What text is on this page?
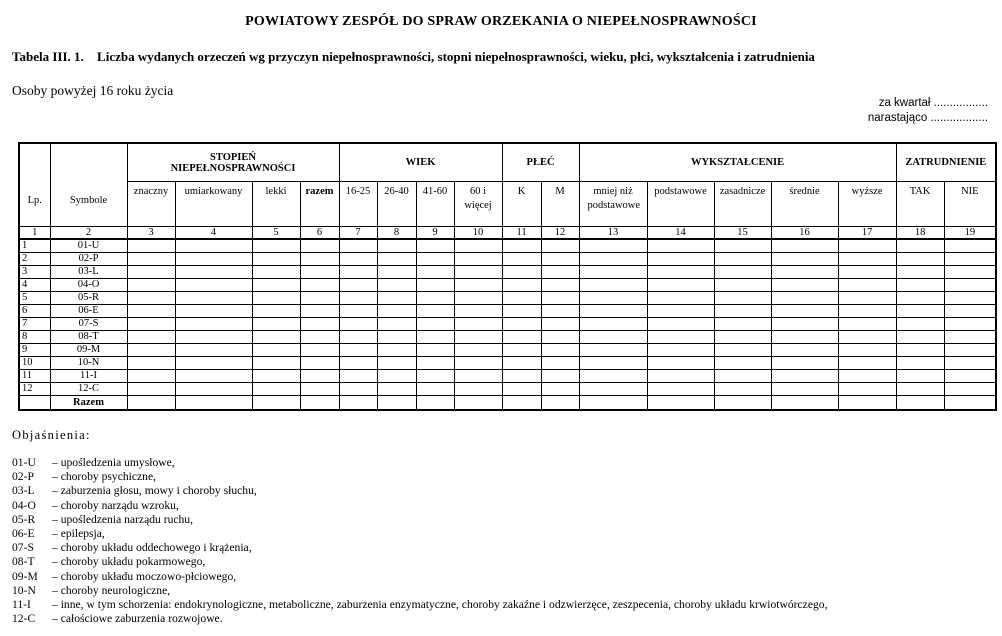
POWIATOWY ZESPÓŁ DO SPRAW ORZEKANIA O NIEPEŁNOSPRAWNOŚCI
Tabela III. 1. Liczba wydanych orzeczeń wg przyczyn niepełnosprawności, stopni niepełnosprawności, wieku, płci, wykształcenia i zatrudnienia
Osoby powyżej 16 roku życia
za kwartał .................
narastająco ..................
Lp.	Symbole	STOPIEŃ NIEPEŁNOSPRAWNOŚCI				WIEK				PŁEĆ		WYKSZTAŁCENIE					ZATRUDNIENIE	
		znaczny	umiarkowany	lekki	razem	16-25	26-40	41-60	60 i więcej	K	M	mniej niż podstawowe	podstawowe	zasadnicze	średnie	wyższe	TAK	NIE
1	2	3	4	5	6	7	8	9	10	11	12	13	14	15	16	17	18	19
1	01-U																	
2	02-P																	
3	03-L																	
4	04-O																	
5	05-R																	
6	06-E																	
7	07-S																	
8	08-T																	
9	09-M																	
10	10-N																	
11	11-I																	
12	12-C																	
	Razem																	
Objaśnienia:
01-U – upośledzenia umysłowe,
02-P – choroby psychiczne,
03-L – zaburzenia głosu, mowy i choroby słuchu,
04-O – choroby narządu wzroku,
05-R – upośledzenia narządu ruchu,
06-E – epilepsja,
07-S – choroby układu oddechowego i krążenia,
08-T – choroby układu pokarmowego,
09-M – choroby układu moczowo-płciowego,
10-N – choroby neurologiczne,
11-I – inne, w tym schorzenia: endokrynologiczne, metaboliczne, zaburzenia enzymatyczne, choroby zakaźne i odzwierzęce, zeszpecenia, choroby układu krwiotwórczego,
12-C – całościowe zaburzenia rozwojowe.
